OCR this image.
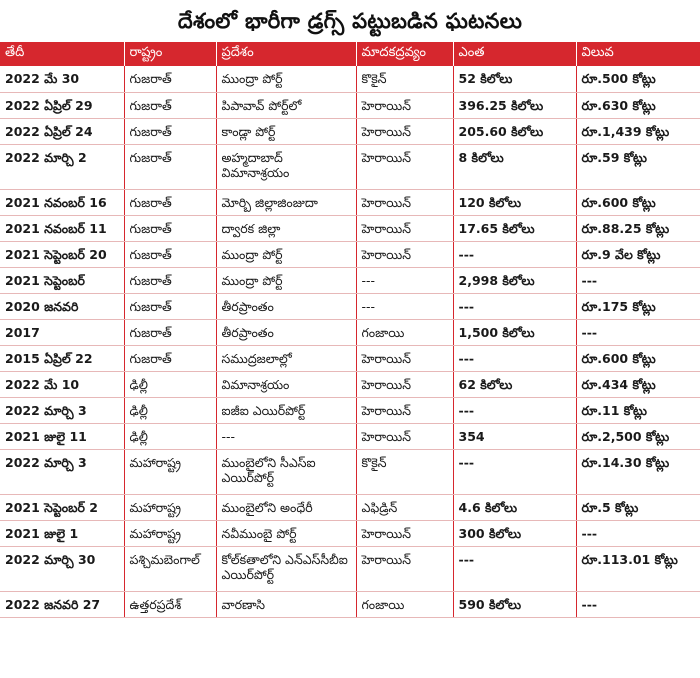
దేశంలో భారీగా డ్రగ్స్ పట్టుబడిన ఘటనలు
తేదీ	రాష్ట్రం	ప్రదేశం	మాదకద్రవ్యం	ఎంత	విలువ
2022 మే 30	గుజరాత్	ముంద్రా పోర్ట్	కొకైన్	52 కిలోలు	రూ.500 కోట్లు
2022 ఏప్రిల్ 29	గుజరాత్	పిపావావ్ పోర్ట్‌లో	హెరాయిన్	396.25 కిలోలు	రూ.630 కోట్లు
2022 ఏప్రిల్ 24	గుజరాత్	కాండ్లా పోర్ట్	హెరాయిన్	205.60 కిలోలు	రూ.1,439 కోట్లు
2022 మార్చి 2	గుజరాత్	అహ్మదాబాద్ విమానాశ్రయం	హెరాయిన్	8 కిలోలు	రూ.59 కోట్లు
2021 నవంబర్ 16	గుజరాత్	మోర్బి జిల్లాజింజుదా	హెరాయిన్	120 కిలోలు	రూ.600 కోట్లు
2021 నవంబర్ 11	గుజరాత్	ద్వారక జిల్లా	హెరాయిన్	17.65 కిలోలు	రూ.88.25 కోట్లు
2021 సెప్టెంబర్ 20	గుజరాత్	ముంద్రా పోర్ట్	హెరాయిన్	---	రూ.9 వేల కోట్లు
2021 సెప్టెంబర్	గుజరాత్	ముంద్రా పోర్ట్	---	2,998 కిలోలు	---
2020 జనవరి	గుజరాత్	తీరప్రాంతం	---	---	రూ.175 కోట్లు
2017	గుజరాత్	తీరప్రాంతం	గంజాయి	1,500 కిలోలు	---
2015 ఏప్రిల్ 22	గుజరాత్	సముద్రజలాల్లో	హెరాయిన్	---	రూ.600 కోట్లు
2022 మే 10	ఢిల్లీ	విమానాశ్రయం	హెరాయిన్	62 కిలోలు	రూ.434 కోట్లు
2022 మార్చి 3	ఢిల్లీ	ఐజీఐ ఎయిర్‌పోర్ట్	హెరాయిన్	---	రూ.11 కోట్లు
2021 జులై 11	ఢిల్లీ	---	హెరాయిన్	354	రూ.2,500 కోట్లు
2022 మార్చి 3	మహారాష్ట్ర	ముంబైలోని సీఎస్ఐ ఎయిర్‌పోర్ట్	కొకైన్	---	రూ.14.30 కోట్లు
2021 సెప్టెంబర్ 2	మహారాష్ట్ర	ముంబైలోని అంధేరీ	ఎఫిడ్రిన్	4.6 కిలోలు	రూ.5 కోట్లు
2021 జులై 1	మహారాష్ట్ర	నవీముంబై పోర్ట్	హెరాయిన్	300 కిలోలు	---
2022 మార్చి 30	పశ్చిమబెంగాల్	కోల్‌కతాలోని ఎన్‌ఎస్‌సీబీఐ ఎయిర్‌పోర్ట్	హెరాయిన్	---	రూ.113.01 కోట్లు
2022 జనవరి 27	ఉత్తరప్రదేశ్	వారణాసి	గంజాయి	590 కిలోలు	---
